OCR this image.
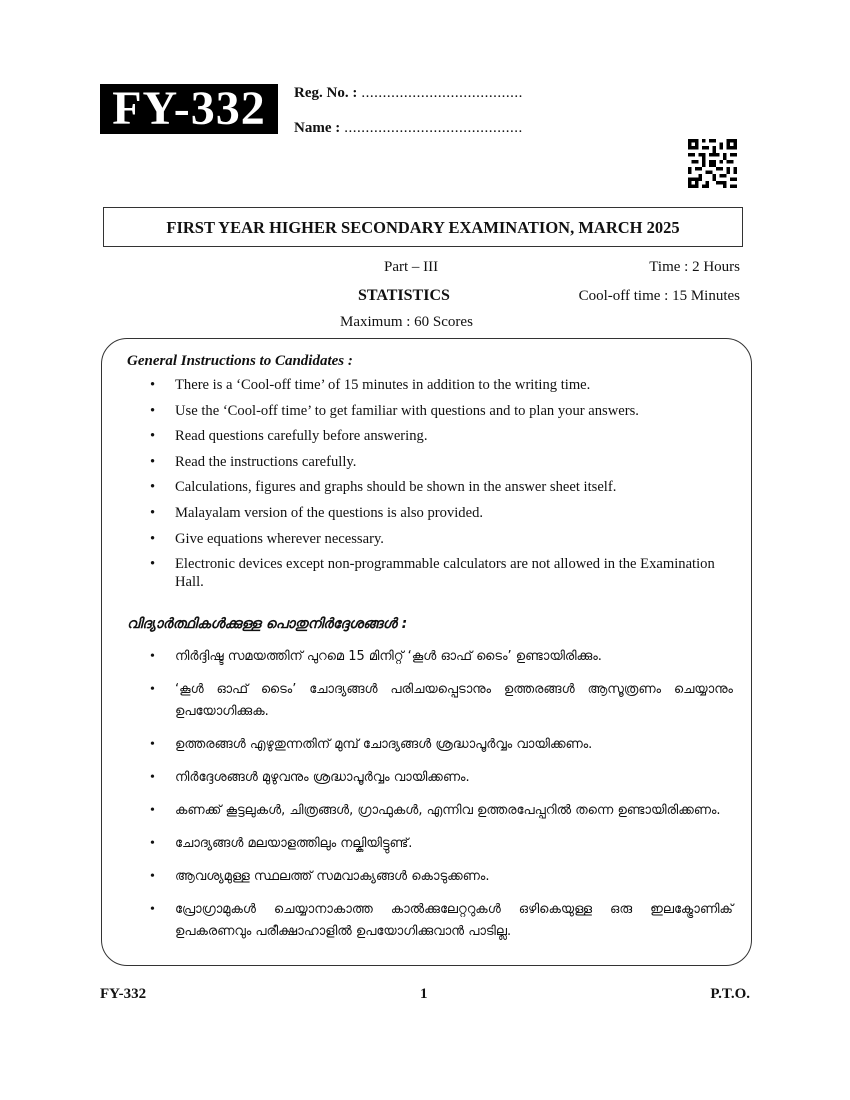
FY-332	Reg. No. : ......................................
Name : ..........................................
FIRST YEAR HIGHER SECONDARY EXAMINATION, MARCH 2025
Part – III	Time : 2 Hours
STATISTICS	Cool-off time : 15 Minutes
Maximum : 60 Scores
General Instructions to Candidates :
• There is a ‘Cool-off time’ of 15 minutes in addition to the writing time.
• Use the ‘Cool-off time’ to get familiar with questions and to plan your answers.
• Read questions carefully before answering.
• Read the instructions carefully.
• Calculations, figures and graphs should be shown in the answer sheet itself.
• Malayalam version of the questions is also provided.
• Give equations wherever necessary.
• Electronic devices except non-programmable calculators are not allowed in the Examination Hall.
വിദ്യാർത്ഥികൾക്കുള്ള പൊതുനിർദ്ദേശങ്ങൾ :
• നിർദ്ദിഷ്ട സമയത്തിന് പുറമെ 15 മിനിറ്റ് ‘കൂൾ ഓഫ് ടൈം’ ഉണ്ടായിരിക്കും.
• ‘കൂൾ ഓഫ് ടൈം’ ചോദ്യങ്ങൾ പരിചയപ്പെടാനും ഉത്തരങ്ങൾ ആസൂത്രണം ചെയ്യാനും ഉപയോഗിക്കുക.
• ഉത്തരങ്ങൾ എഴുതുന്നതിന് മുമ്പ് ചോദ്യങ്ങൾ ശ്രദ്ധാപൂർവ്വം വായിക്കണം.
• നിർദ്ദേശങ്ങൾ മുഴുവനും ശ്രദ്ധാപൂർവ്വം വായിക്കണം.
• കണക്ക് കൂട്ടലുകൾ, ചിത്രങ്ങൾ, ഗ്രാഫുകൾ, എന്നിവ ഉത്തരപേപ്പറിൽ തന്നെ ഉണ്ടായിരിക്കണം.
• ചോദ്യങ്ങൾ മലയാളത്തിലും നല്കിയിട്ടുണ്ട്.
• ആവശ്യമുള്ള സ്ഥലത്ത് സമവാക്യങ്ങൾ കൊടുക്കണം.
• പ്രോഗ്രാമുകൾ ചെയ്യാനാകാത്ത കാൽക്കുലേറ്ററുകൾ ഒഴികെയുള്ള ഒരു ഇലക്ട്രോണിക് ഉപകരണവും പരീക്ഷാഹാളിൽ ഉപയോഗിക്കുവാൻ പാടില്ല.
FY-332	1	P.T.O.
